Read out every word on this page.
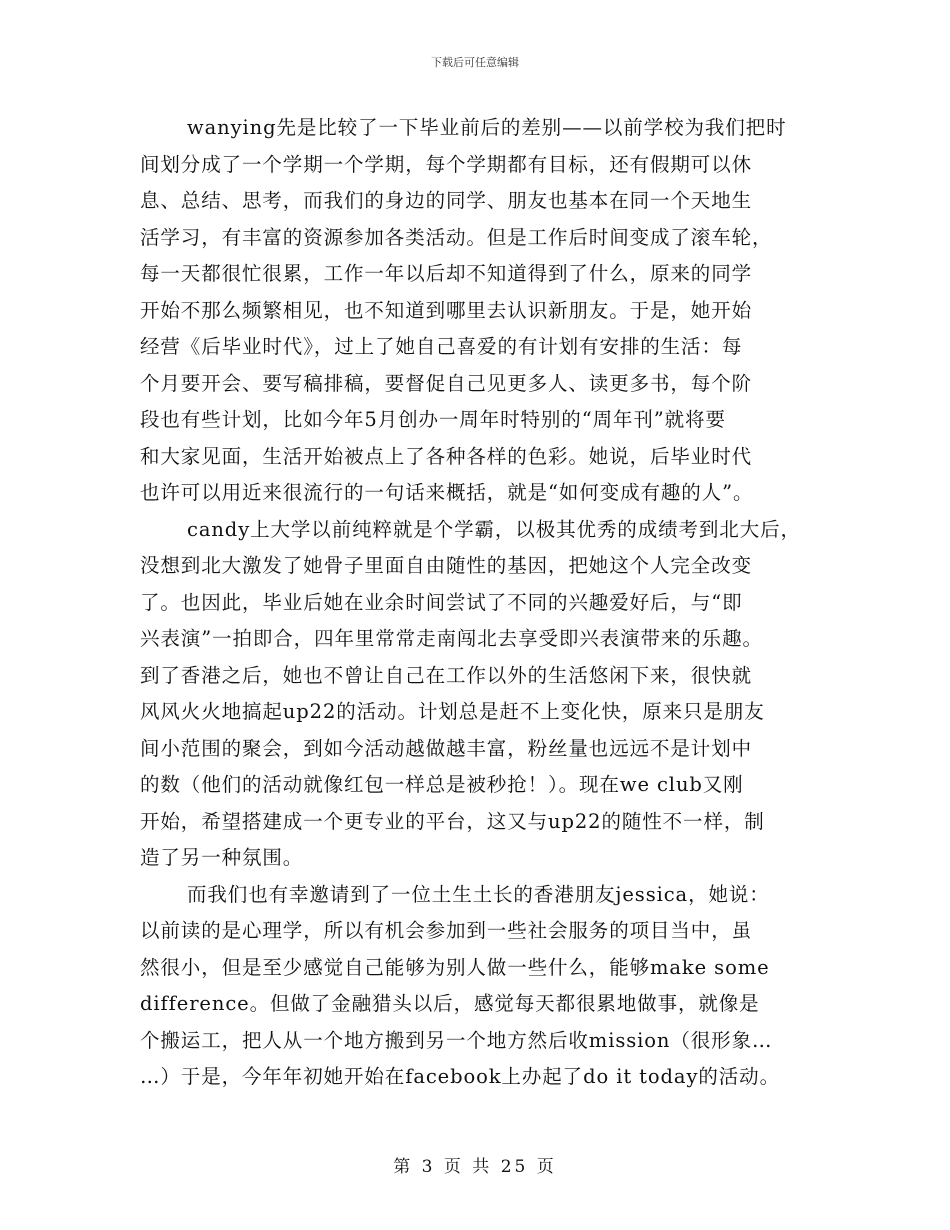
下载后可任意编辑
wanying先是比较了一下毕业前后的差别——以前学校为我们把时
间划分成了一个学期一个学期，每个学期都有目标，还有假期可以休
息、总结、思考，而我们的身边的同学、朋友也基本在同一个天地生
活学习，有丰富的资源参加各类活动。但是工作后时间变成了滚车轮，
每一天都很忙很累，工作一年以后却不知道得到了什么，原来的同学
开始不那么频繁相见，也不知道到哪里去认识新朋友。于是，她开始
经营《后毕业时代》，过上了她自己喜爱的有计划有安排的生活：每
个月要开会、要写稿排稿，要督促自己见更多人、读更多书，每个阶
段也有些计划，比如今年5月创办一周年时特别的“周年刊”就将要
和大家见面，生活开始被点上了各种各样的色彩。她说，后毕业时代
也许可以用近来很流行的一句话来概括，就是“如何变成有趣的人”。
candy上大学以前纯粹就是个学霸，以极其优秀的成绩考到北大后，
没想到北大激发了她骨子里面自由随性的基因，把她这个人完全改变
了。也因此，毕业后她在业余时间尝试了不同的兴趣爱好后，与“即
兴表演”一拍即合，四年里常常走南闯北去享受即兴表演带来的乐趣。
到了香港之后，她也不曾让自己在工作以外的生活悠闲下来，很快就
风风火火地搞起up22的活动。计划总是赶不上变化快，原来只是朋友
间小范围的聚会，到如今活动越做越丰富，粉丝量也远远不是计划中
的数（他们的活动就像红包一样总是被秒抢！）。现在we club又刚
开始，希望搭建成一个更专业的平台，这又与up22的随性不一样，制
造了另一种氛围。
而我们也有幸邀请到了一位土生土长的香港朋友jessica，她说：
以前读的是心理学，所以有机会参加到一些社会服务的项目当中，虽
然很小，但是至少感觉自己能够为别人做一些什么，能够make some
difference。但做了金融猎头以后，感觉每天都很累地做事，就像是
个搬运工，把人从一个地方搬到另一个地方然后收mission（很形象…
…）于是，今年年初她开始在facebook上办起了do it today的活动。
第 3 页 共 25 页
